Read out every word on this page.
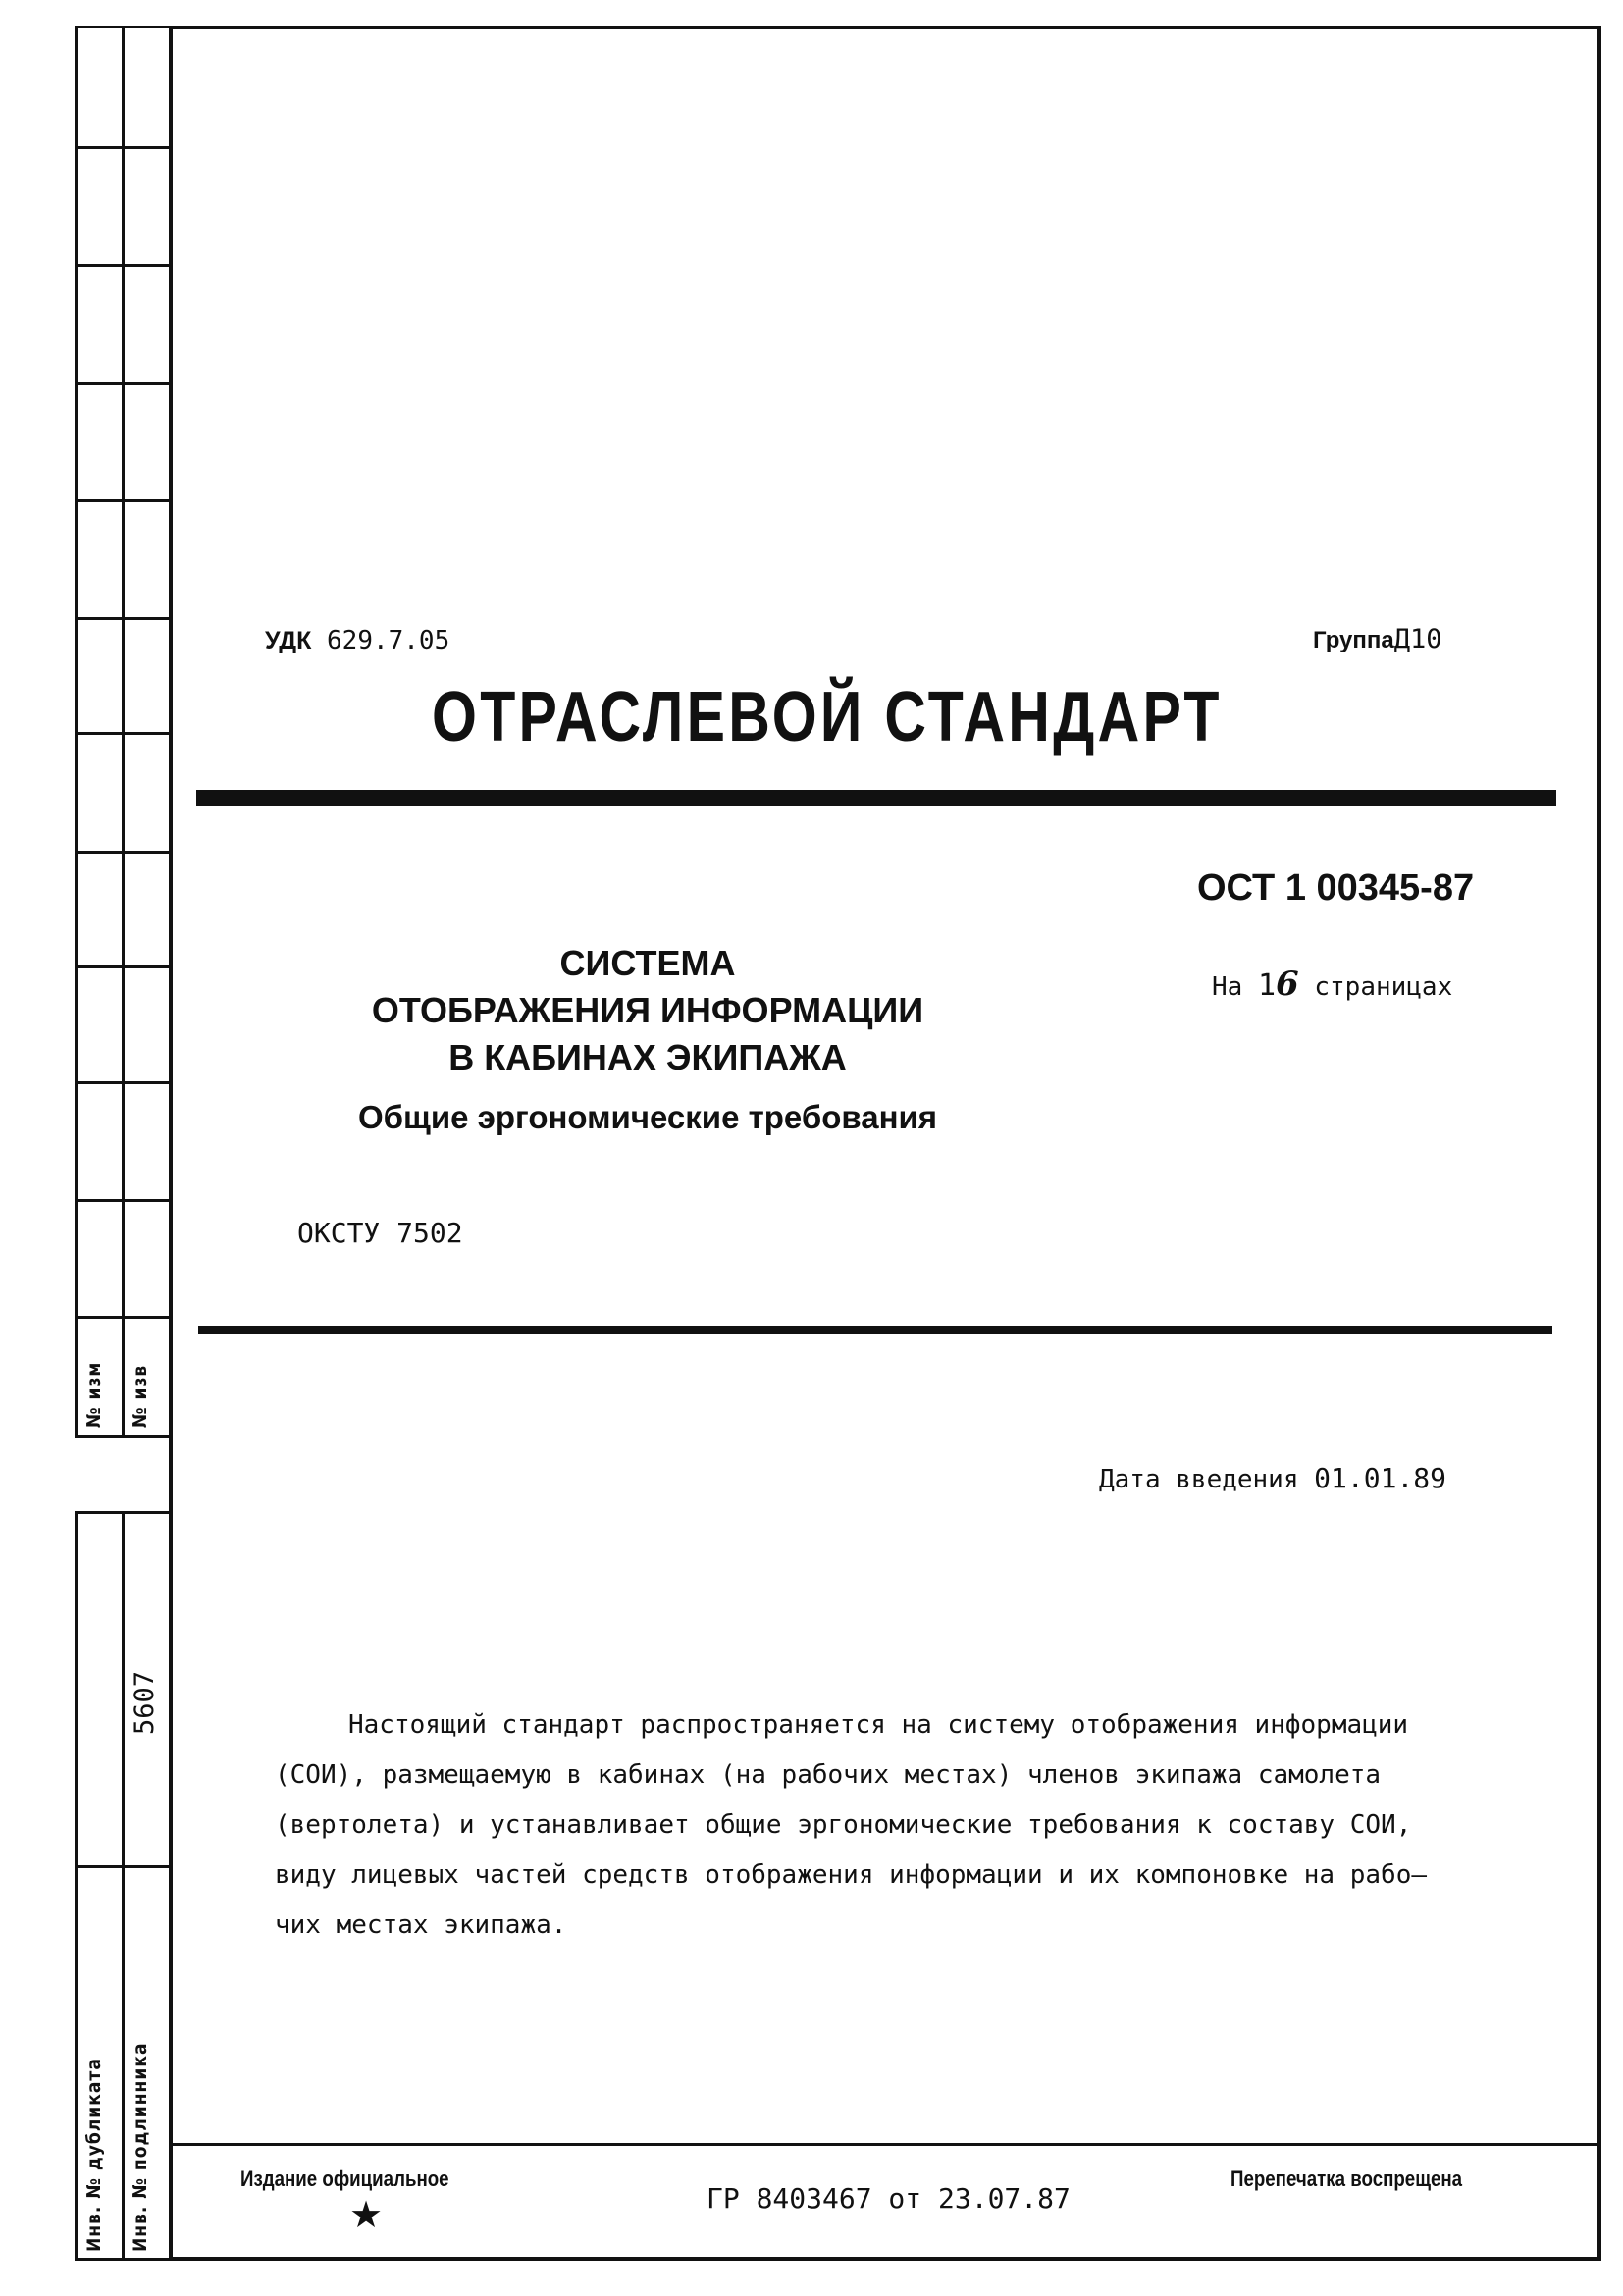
№ изм № изв
5607
Инв. № дубликата Инв. № подлинника
УДК 629.7.05	ГруппаД10
ОТРАСЛЕВОЙ СТАНДАРТ
ОСТ 1 00345-87
На 16 страницах
СИСТЕМА
ОТОБРАЖЕНИЯ ИНФОРМАЦИИ
В КАБИНАХ ЭКИПАЖА
Общие эргономические требования
ОКСТУ 7502
Дата введения 01.01.89
Настоящий стандарт распространяется на систему отображения информации
(СОИ), размещаемую в кабинах (на рабочих местах) членов экипажа самолета
(вертолета) и устанавливает общие эргономические требования к составу СОИ,
виду лицевых частей средств отображения информации и их компоновке на рабо–
чих местах экипажа.
Издание официальное
★	ГР 8403467 от 23.07.87
Перепечатка воспрещена
